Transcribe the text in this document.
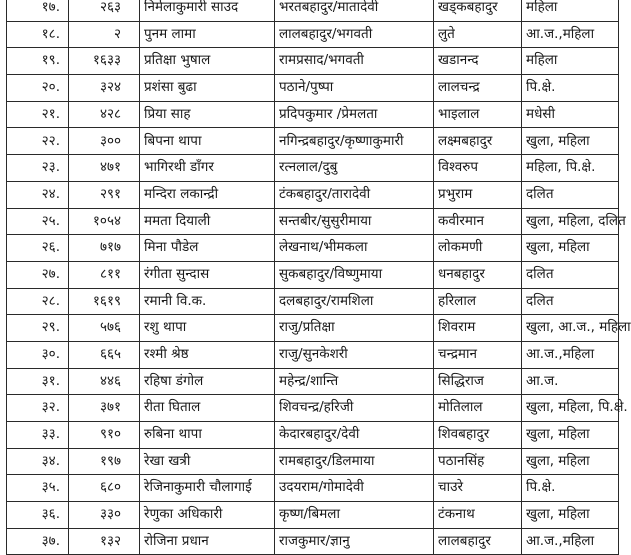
१७.	२६३	निर्मलाकुमारी साउद	भरतबहादुर/मातादेवी	खड्कबहादुर	महिला
१८.	२	पुनम लामा	लालबहादुर/भगवती	लुते	आ.ज.,महिला
१९.	१६३३	प्रतिक्षा भुषाल	रामप्रसाद/भगवती	खडानन्द	महिला
२०.	३२४	प्रशंसा बुढा	पठाने/पुष्पा	लालचन्द्र	पि.क्षे.
२१.	४२८	प्रिया साह	प्रदिपकुमार /प्रेमलता	भाइलाल	मधेसी
२२.	३००	बिपना थापा	नगिन्द्रबहादुर/कृष्णाकुमारी	लक्ष्मबहादुर	खुला, महिला
२३.	४७१	भागिरथी डाँगर	रत्नलाल/दुबु	विश्वरुप	महिला, पि.क्षे.
२४.	२९१	मन्दिरा लकान्द्री	टंकबहादुर/तारादेवी	प्रभुराम	दलित
२५.	१०५४	ममता दियाली	सन्तबीर/सुसुरीमाया	कवीरमान	खुला, महिला, दलित
२६.	७१७	मिना पौडेल	लेखनाथ/भीमकला	लोकमणी	खुला, महिला
२७.	८११	रंगीता सुन्दास	सुकबहादुर/विष्णुमाया	धनबहादुर	दलित
२८.	१६१९	रमानी वि.क.	दलबहादुर/रामशिला	हरिलाल	दलित
२९.	५७६	रशु थापा	राजु/प्रतिक्षा	शिवराम	खुला, आ.ज., महिला
३०.	६६५	रश्मी श्रेष्ठ	राजु/सुनकेशरी	चन्द्रमान	आ.ज.,महिला
३१.	४४६	रहिषा डंगोल	महेन्द्र/शान्ति	सिद्धिराज	आ.ज.
३२.	३७१	रीता घिताल	शिवचन्द्र/हरिजी	मोतिलाल	खुला, महिला, पि.क्षे.
३३.	९१०	रुबिना थापा	केदारबहादुर/देवी	शिवबहादुर	खुला, महिला
३४.	१९७	रेखा खत्री	रामबहादुर/डिलमाया	पठानसिंह	खुला, महिला
३५.	६८०	रेजिनाकुमारी चौलागाई	उदयराम/गोमादेवी	चाउरे	पि.क्षे.
३६.	३३०	रेणुका अधिकारी	कृष्ण/बिमला	टंकनाथ	खुला, महिला
३७.	१३२	रोजिना प्रधान	राजकुमार/ज्ञानु	लालबहादुर	आ.ज.,महिला
